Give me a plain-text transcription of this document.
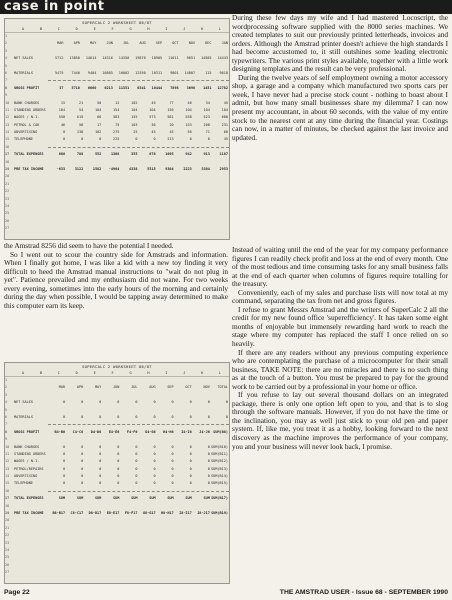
case in point
SUPERCALC 2 WORKSHEET 86/87
A	B	C	D	E	F	G	H	I	J	K	L
1
2	MAR	APR	MAY	JUN	JUL	AUG	SEP	OCT	NOV	DEC	JAN
3
4	NET SALES	5712	13850	14014	14516	14350	19870	18905	11011	9651	14505	14443
5
6	MATERIALS	5475	7440	9404	10885	10002	12550	10311	9801	14807	115	9618
7
8	GROSS PROFIT	37	5710	6660	6213	11351	6341	10444	7898	3696	1451	12782
9
10	BANK CHARGES	15	21	50	12	102	45	77	46	34	45
11	STANDING ORDERS	104	54	104	154	104	104	156	104	104	104
12	WAGES / N.I.	550	615	66	583	155	573	581	558	523	600
13	PETROL & CAR	46	56	17	75	103	36	20	153	208	231
14	ADVERTISING	0	138	102	275	25	45	45	56	71	68
15	TELEPHONE	0	0	0	225	0	0	213	0	0	45
16
17	TOTAL EXPENSES	686	788	552	1368	355	676	1095	942	913	1187
18
19	PRE TAX INCOME	-633	3122	1582	-4964	4338	5515	9304	2223	3304	2953
20
21
22
23
24
25
26
27

During these few days my wife and I had mastered Locoscript, the wordprocessing software supplied with the 8000 series machines. We created templates to suit our previously printed letterheads, invoices and orders. Although the Amstrad printer doesn't achieve the high standards I had become accustomed to, it still outshines some leading electronic typewriters. The various print styles available, together with a little work designing templates and the result can be very professional.

During the twelve years of self employment owning a motor accessory shop, a garage and a company which manufactured two sports cars per week, I have never had a precise stock count - nothing to boast about I admit, but how many small businesses share my dilemma? I can now present my accountant, in about 60 seconds, with the value of my entire stock to the nearest cent at any time during the financial year. Costings can now, in a matter of minutes, be checked against the last invoice and updated.

the Amstrad 8256 did seem to have the potential I needed.

So I went out to scour the country side for Amstrads and information. When I finally got home, I was like a kid with a new toy finding it very difficult to heed the Amstrad manual instructions to "wait do not plug in yet". Patience prevailed and my enthusiasm did not wane. For two weeks every evening, sometimes into the early hours of the morning and certainly during the day when possible, I would be tapping away determined to make this computer earn its keep.

Instead of waiting until the end of the year for my company performance figures I can readily check profit and loss at the end of every month. One of the most tedious and time consuming tasks for any small business falls at the end of each quarter when columns of figures require totalling for the treasury.

Conveniently, each of my sales and purchase lists will now total at my command, separating the tax from net and gross figures.

I refuse to grant Messrs Amstrad and the writers of SuperCalc 2 all the credit for my new found office 'superefficiency'. It has taken some eight months of enjoyable but immensely rewarding hard work to reach the stage where my computer has replaced the staff I once relied on so heavily.

If there are any readers without any previous computing experience who are contemplating the purchase of a microcomputer for their small business, TAKE NOTE: there are no miracles and there is no such thing as at the touch of a button. You must be prepared to pay for the ground work to be carried out by a professional in your home or office.

If you refuse to lay out several thousand dollars on an integrated package, there is only one option left open to you, and that is to slog through the software manuals. However, if you do not have the time or the inclination, you may as well just stick to your old pen and paper system. If, like me, you treat it as a hobby, looking forward to the next discovery as the machine improves the performance of your company, you and your business will never look back, I promise.

SUPERCALC 2 WORKSHEET 86/87
A	B	C	D	E	F	G	H	I	J	K	L
1
2	MAR	APR	MAY	JUN	JUL	AUG	SEP	OCT	NOV	TOTAL
3
4	NET SALES	0	0	0	0	0	0	0	0	0	0
5
6	MATERIALS	0	0	0	0	0	0	0	0	0	0
7
8	GROSS PROFIT	B4-B6	C4-C6	D4-D6	E4-E6	F4-F6	G4-G6	H4-H6	I4-I6	J4-J6 SUM(B8)
9
10	BANK CHARGES	0	0	0	0	0	0	0	0	0 SUM(B10)
11	STANDING ORDERS	0	0	0	0	0	0	0	0	0 SUM(B11)
12	WAGES / N.I.	0	0	0	0	0	0	0	0	0 SUM(B12)
13	PETROL/REPAIRS	0	0	0	0	0	0	0	0	0 SUM(B13)
14	ADVERTISING	0	0	0	0	0	0	0	0	0 SUM(B14)
15	TELEPHONE	0	0	0	0	0	0	0	0	0 SUM(B15)
16
17	TOTAL EXPENSES	SUM	SUM	SUM	SUM	SUM	SUM	SUM	SUM	SUM SUM(B17)
18
19	PRE TAX INCOME	B8-B17	C8-C17	D8-D17	E8-E17	F8-F17	G8-G17	H8-H17	I8-I17	J8-J17 SUM(B19)
20
21
22
23
24
25
26
27
Page 22	THE AMSTRAD USER - Issue 68 - SEPTEMBER 1990
